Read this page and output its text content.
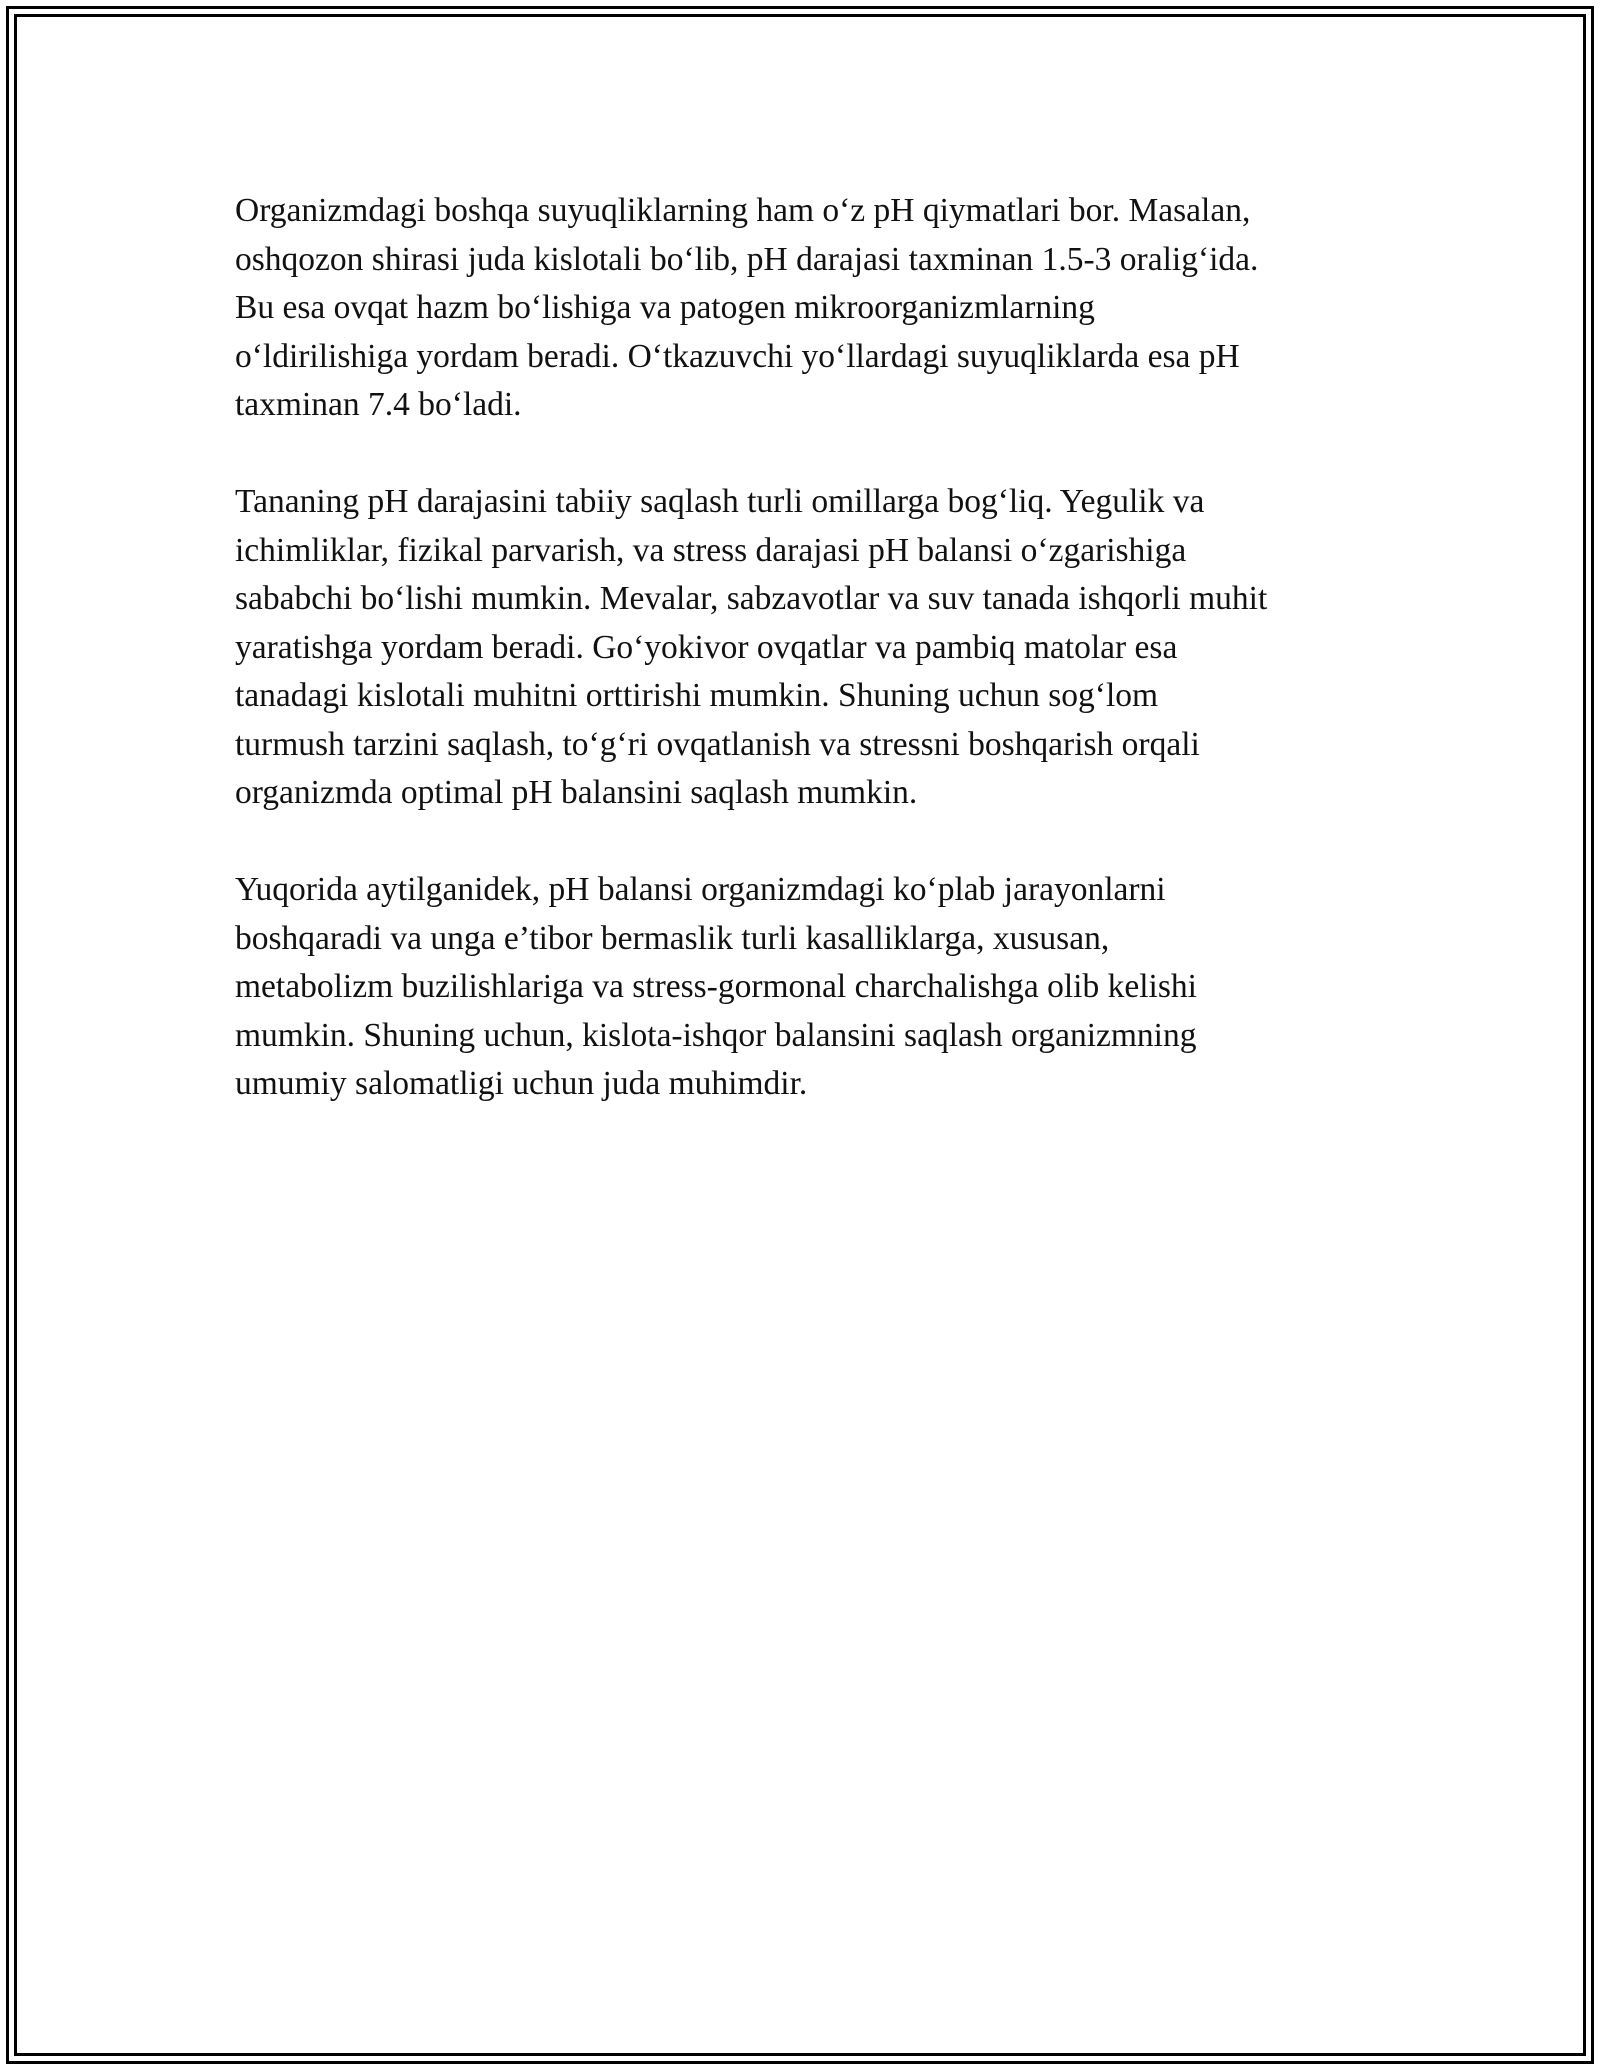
Organizmdagi boshqa suyuqliklarning ham o‘z pH qiymatlari bor. Masalan,
oshqozon shirasi juda kislotali bo‘lib, pH darajasi taxminan 1.5-3 oralig‘ida.
Bu esa ovqat hazm bo‘lishiga va patogen mikroorganizmlarning
o‘ldirilishiga yordam beradi. O‘tkazuvchi yo‘llardagi suyuqliklarda esa pH
taxminan 7.4 bo‘ladi.

Tananing pH darajasini tabiiy saqlash turli omillarga bog‘liq. Yegulik va
ichimliklar, fizikal parvarish, va stress darajasi pH balansi o‘zgarishiga
sababchi bo‘lishi mumkin. Mevalar, sabzavotlar va suv tanada ishqorli muhit
yaratishga yordam beradi. Go‘yokivor ovqatlar va pambiq matolar esa
tanadagi kislotali muhitni orttirishi mumkin. Shuning uchun sog‘lom
turmush tarzini saqlash, to‘g‘ri ovqatlanish va stressni boshqarish orqali
organizmda optimal pH balansini saqlash mumkin.

Yuqorida aytilganidek, pH balansi organizmdagi ko‘plab jarayonlarni
boshqaradi va unga e’tibor bermaslik turli kasalliklarga, xususan,
metabolizm buzilishlariga va stress-gormonal charchalishga olib kelishi
mumkin. Shuning uchun, kislota-ishqor balansini saqlash organizmning
umumiy salomatligi uchun juda muhimdir.
